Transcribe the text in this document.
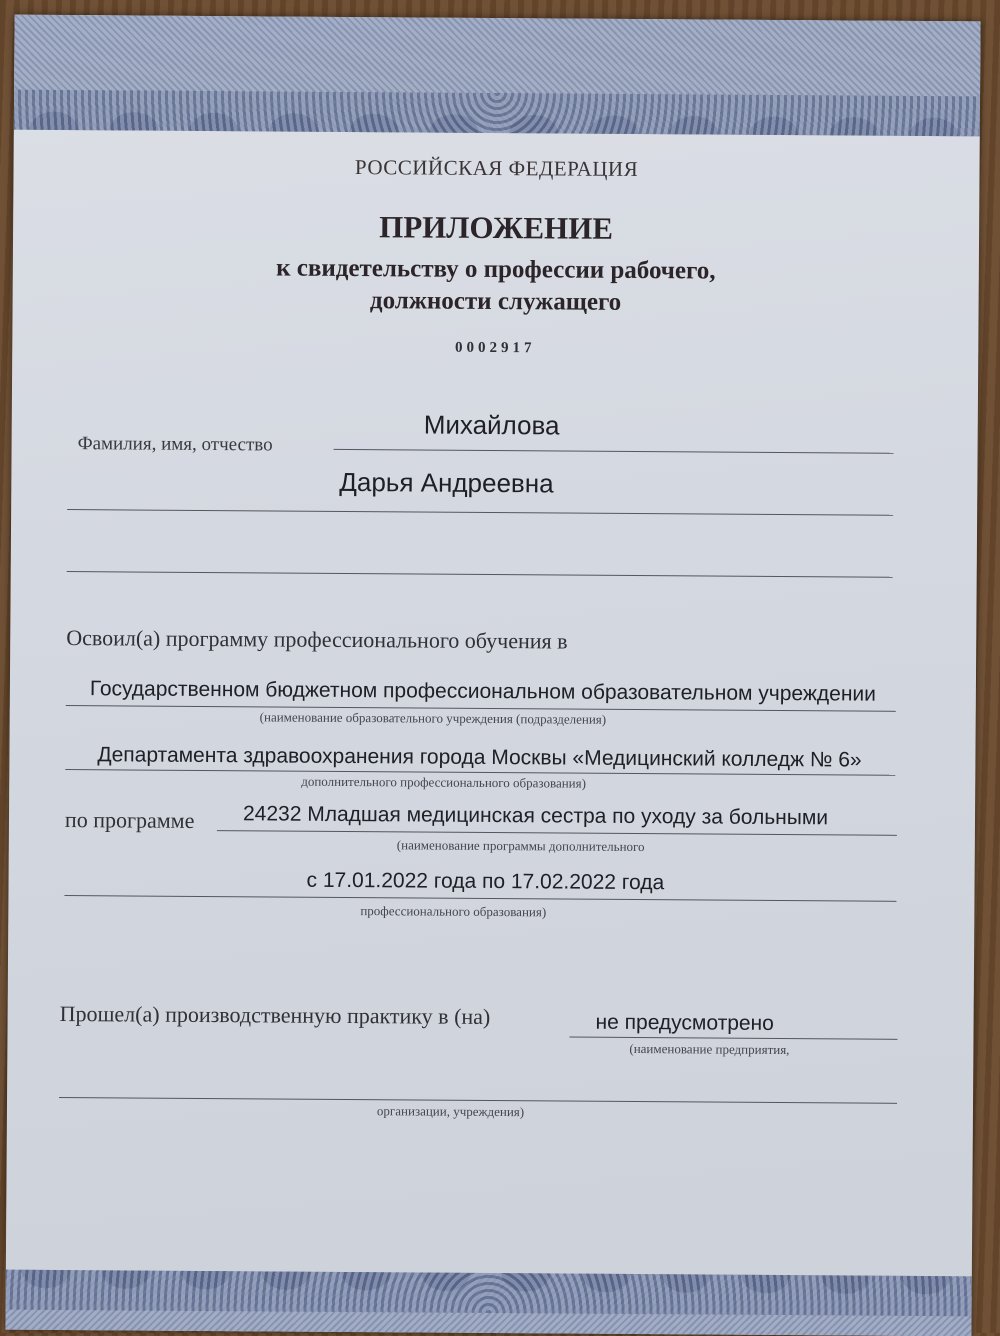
РОССИЙСКАЯ ФЕДЕРАЦИЯ
ПРИЛОЖЕНИЕ
к свидетельству о профессии рабочего,
должности служащего
0002917
Фамилия, имя, отчество
Михайлова
Дарья Андреевна
Освоил(а) программу профессионального обучения в
Государственном бюджетном профессиональном образовательном учреждении
(наименование образовательного учреждения (подразделения)
Департамента здравоохранения города Москвы «Медицинский колледж № 6»
дополнительного профессионального образования)
по программе 24232 Младшая медицинская сестра по уходу за больными
(наименование программы дополнительного
с 17.01.2022 года по 17.02.2022 года
профессионального образования)
Прошел(а) производственную практику в (на)	не предусмотрено
(наименование предприятия,
организации, учреждения)
